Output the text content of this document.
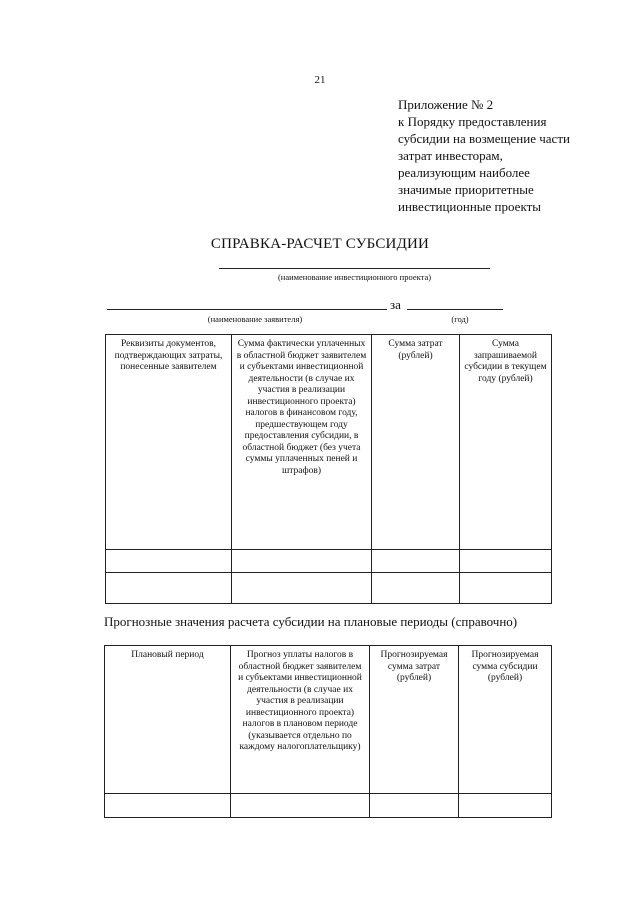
21
Приложение № 2
к Порядку предоставления
субсидии на возмещение части
затрат инвесторам,
реализующим наиболее
значимые приоритетные
инвестиционные проекты
СПРАВКА-РАСЧЕТ СУБСИДИИ
(наименование инвестиционного проекта)
за
(наименование заявителя)	(год)
Реквизиты документов, подтверждающих затраты, понесенные заявителем	Сумма фактически уплаченных в областной бюджет заявителем и субъектами инвестиционной деятельности (в случае их участия в реализации инвестиционного проекта) налогов в финансовом году, предшествующем году предоставления субсидии, в областной бюджет (без учета суммы уплаченных пеней и штрафов)	Сумма затрат (рублей)	Сумма запрашиваемой субсидии в текущем году (рублей)

Прогнозные значения расчета субсидии на плановые периоды (справочно)
Плановый период	Прогноз уплаты налогов в областной бюджет заявителем и субъектами инвестиционной деятельности (в случае их участия в реализации инвестиционного проекта) налогов в плановом периоде (указывается отдельно по каждому налогоплательщику)	Прогнозируемая сумма затрат (рублей)	Прогнозируемая сумма субсидии (рублей)
